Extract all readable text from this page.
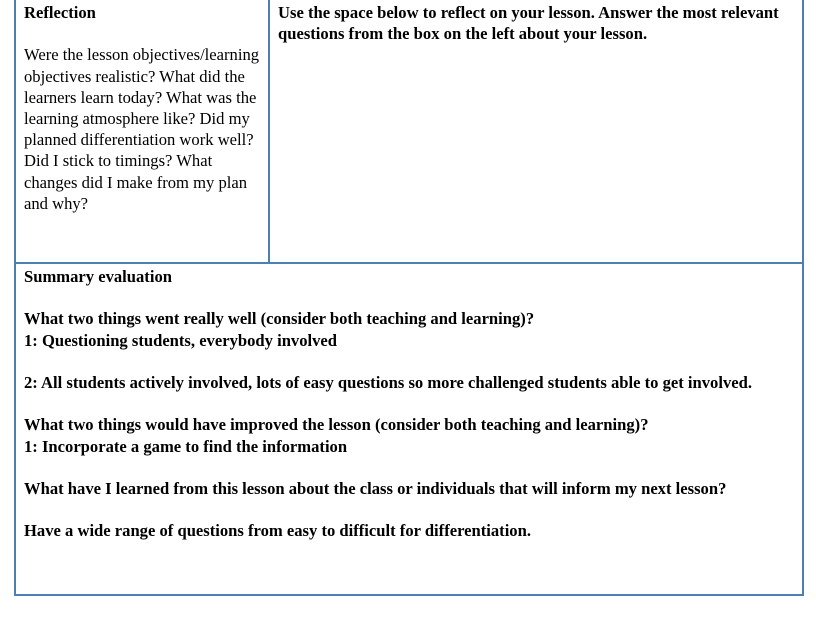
Reflection

Were the lesson objectives/learning objectives realistic? What did the learners learn today? What was the learning atmosphere like? Did my planned differentiation work well? Did I stick to timings? What changes did I make from my plan and why?

Use the space below to reflect on your lesson. Answer the most relevant questions from the box on the left about your lesson.

Summary evaluation

What two things went really well (consider both teaching and learning)?

1: Questioning students, everybody involved

2: All students actively involved, lots of easy questions so more challenged students able to get involved.

What two things would have improved the lesson (consider both teaching and learning)?

1: Incorporate a game to find the information

What have I learned from this lesson about the class or individuals that will inform my next lesson?

Have a wide range of questions from easy to difficult for differentiation.
